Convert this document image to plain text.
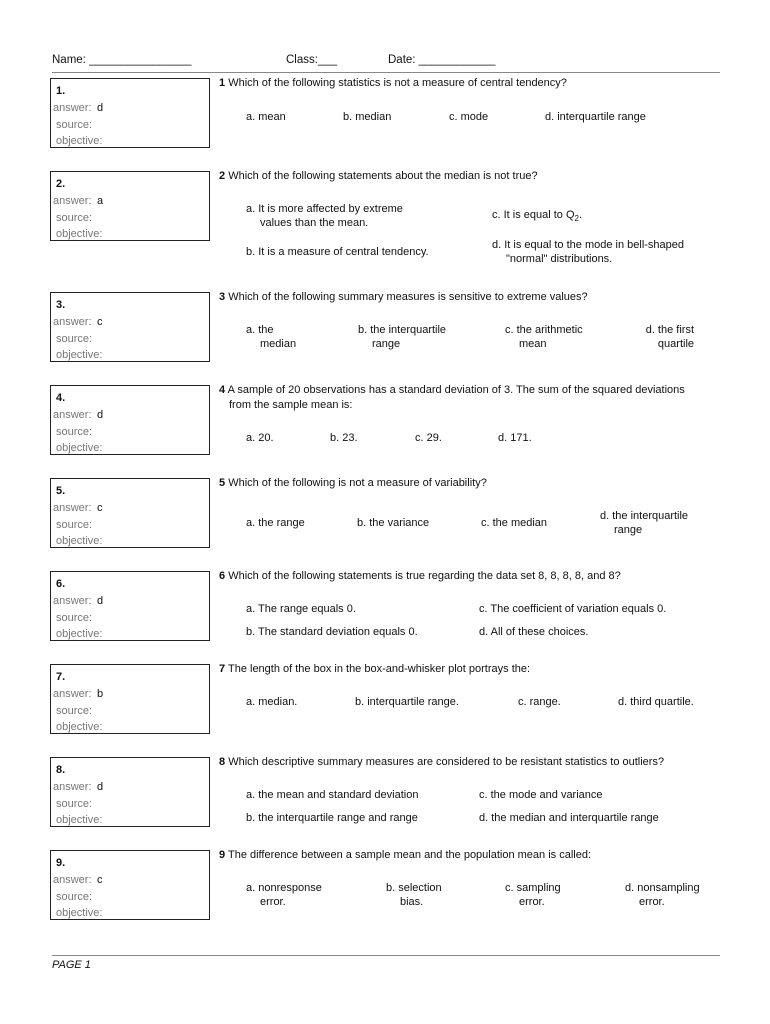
Name: ________________	Class:___	Date: ____________
1.
answer: d
source:
objective:
1 Which of the following statistics is not a measure of central tendency?
a. mean	b. median	c. mode	d. interquartile range
2.
answer: a
source:
objective:
2 Which of the following statements about the median is not true?
a. It is more affected by extreme
values than the mean.
b. It is a measure of central tendency.
c. It is equal to $Q_2$.
d. It is equal to the mode in bell-shaped
"normal" distributions.
3.
answer: c
source:
objective:
3 Which of the following summary measures is sensitive to extreme values?
a. the
median
b. the interquartile
range
c. the arithmetic
mean
d. the first
quartile
4.
answer: d
source:
objective:
4 A sample of 20 observations has a standard deviation of 3. The sum of the squared deviations
from the sample mean is:
a. 20.	b. 23.	c. 29.	d. 171.
5.
answer: c
source:
objective:
5 Which of the following is not a measure of variability?
a. the range	b. the variance	c. the median
d. the interquartile
range
6.
answer: d
source:
objective:
6 Which of the following statements is true regarding the data set 8, 8, 8, 8, and 8?
a. The range equals 0.
b. The standard deviation equals 0.
c. The coefficient of variation equals 0.
d. All of these choices.
7.
answer: b
source:
objective:
7 The length of the box in the box-and-whisker plot portrays the:
a. median.	b. interquartile range.	c. range.	d. third quartile.
8.
answer: d
source:
objective:
8 Which descriptive summary measures are considered to be resistant statistics to outliers?
a. the mean and standard deviation
b. the interquartile range and range
c. the mode and variance
d. the median and interquartile range
9.
answer: c
source:
objective:
9 The difference between a sample mean and the population mean is called:
a. nonresponse
error.
b. selection
bias.
c. sampling
error.
d. nonsampling
error.
PAGE 1
